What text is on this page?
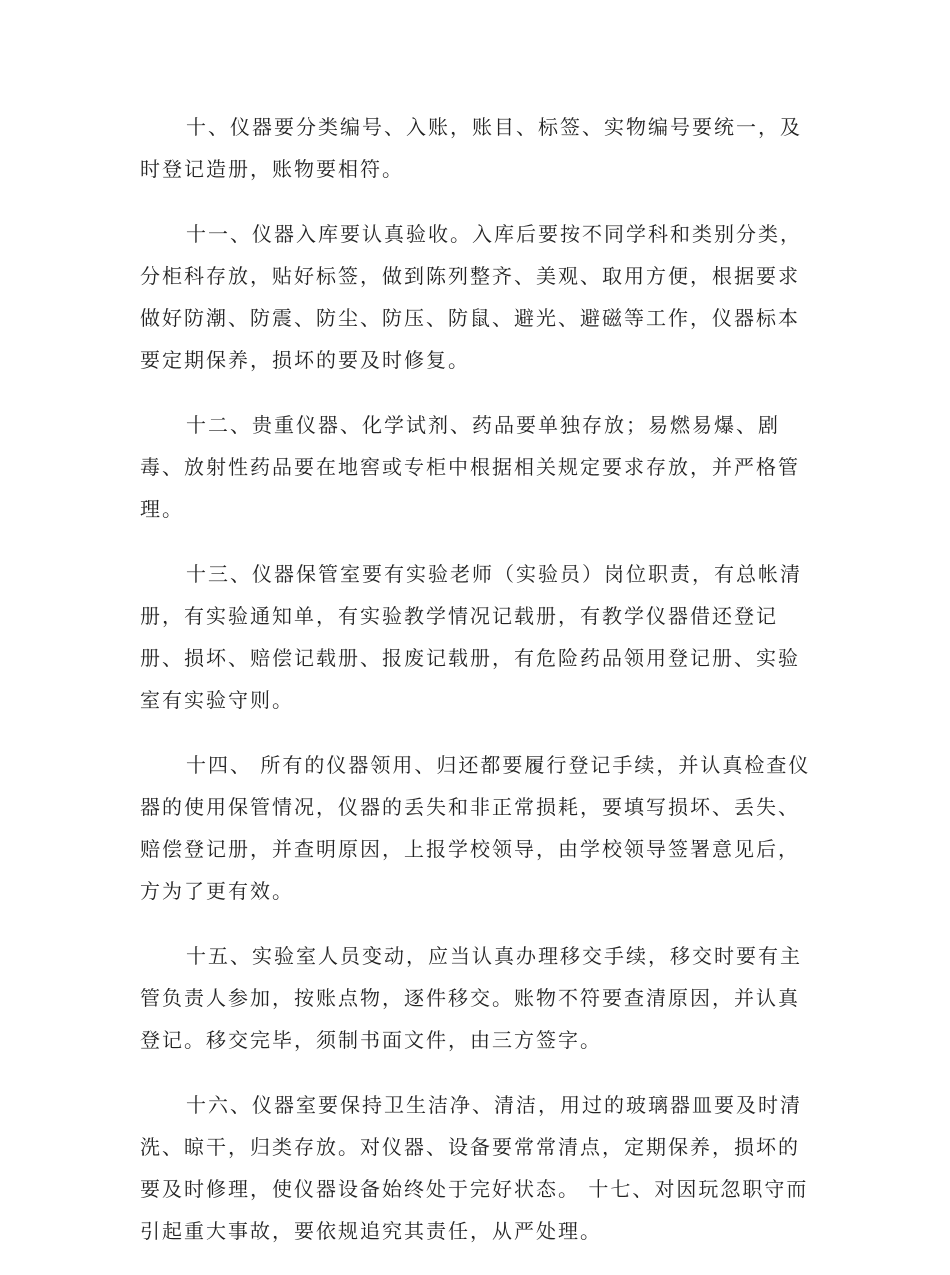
十、仪器要分类编号、入账，账目、标签、实物编号要统一，及
时登记造册，账物要相符。

十一、仪器入库要认真验收。入库后要按不同学科和类别分类，
分柜科存放，贴好标签，做到陈列整齐、美观、取用方便，根据要求
做好防潮、防震、防尘、防压、防鼠、避光、避磁等工作，仪器标本
要定期保养，损坏的要及时修复。

十二、贵重仪器、化学试剂、药品要单独存放；易燃易爆、剧
毒、放射性药品要在地窖或专柜中根据相关规定要求存放，并严格管
理。

十三、仪器保管室要有实验老师（实验员）岗位职责，有总帐清
册，有实验通知单，有实验教学情况记载册，有教学仪器借还登记
册、损坏、赔偿记载册、报废记载册，有危险药品领用登记册、实验
室有实验守则。

十四、 所有的仪器领用、归还都要履行登记手续，并认真检查仪
器的使用保管情况，仪器的丢失和非正常损耗，要填写损坏、丢失、
赔偿登记册，并查明原因，上报学校领导，由学校领导签署意见后，
方为了更有效。

十五、实验室人员变动，应当认真办理移交手续，移交时要有主
管负责人参加，按账点物，逐件移交。账物不符要查清原因，并认真
登记。移交完毕，须制书面文件，由三方签字。

十六、仪器室要保持卫生洁净、清洁，用过的玻璃器皿要及时清
洗、晾干，归类存放。对仪器、设备要常常清点，定期保养，损坏的
要及时修理，使仪器设备始终处于完好状态。 十七、对因玩忽职守而
引起重大事故，要依规追究其责任，从严处理。
